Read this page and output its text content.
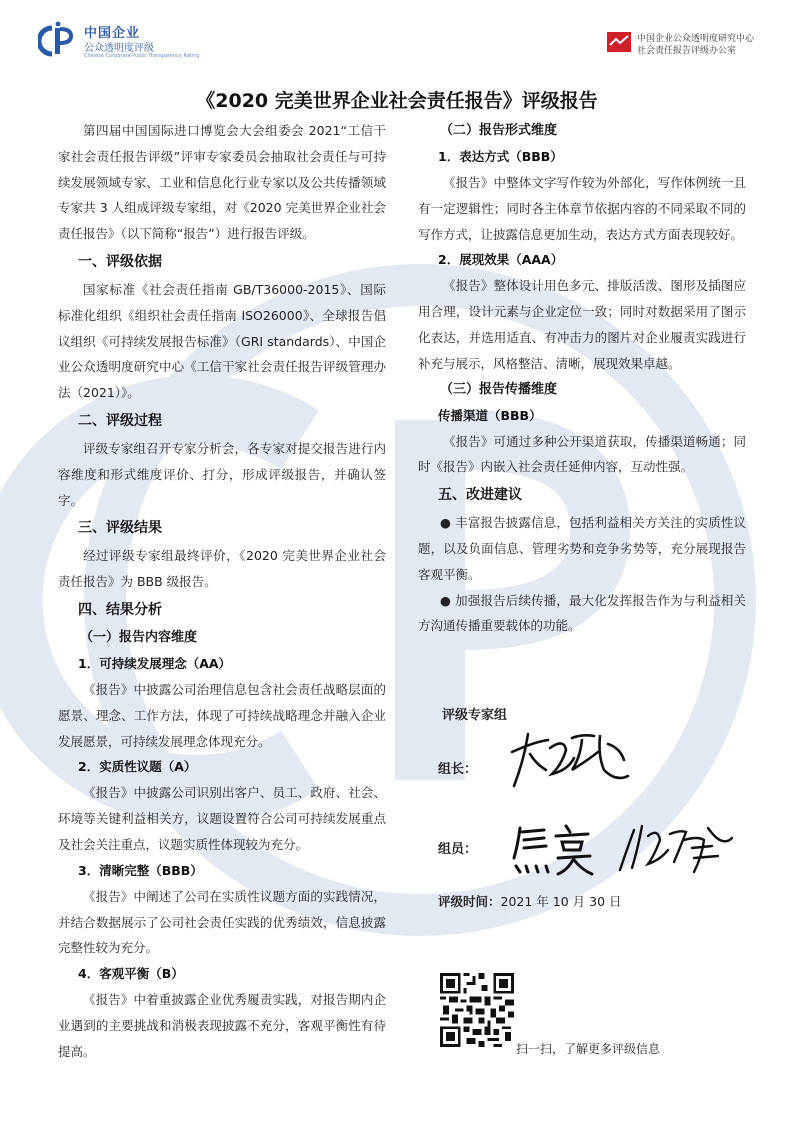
中国企业
公众透明度评级
Chinese Corporate Public Transparency Rating
中国企业公众透明度研究中心
社会责任报告评级办公室
《2020 完美世界企业社会责任报告》评级报告

第四届中国国际进口博览会大会组委会 2021“工信干家社会责任报告评级”评审专家委员会抽取社会责任与可持续发展领域专家、工业和信息化行业专家以及公共传播领域专家共 3 人组成评级专家组，对《2020 完美世界企业社会责任报告》（以下简称“报告”）进行报告评级。

一、评级依据

国家标准《社会责任指南 GB/T36000-2015》、国际标准化组织《组织社会责任指南 ISO26000》、全球报告倡议组织《可持续发展报告标准》（GRI standards）、中国企业公众透明度研究中心《工信干家社会责任报告评级管理办法（2021）》。

二、评级过程

评级专家组召开专家分析会，各专家对提交报告进行内容维度和形式维度评价、打分，形成评级报告，并确认签字。

三、评级结果

经过评级专家组最终评价，《2020 完美世界企业社会责任报告》为 BBB 级报告。

四、结果分析
（一）报告内容维度
1．可持续发展理念（AA）

《报告》中披露公司治理信息包含社会责任战略层面的愿景、理念、工作方法，体现了可持续战略理念并融入企业发展愿景，可持续发展理念体现充分。

2．实质性议题（A）

《报告》中披露公司识别出客户、员工、政府、社会、环境等关键利益相关方，议题设置符合公司可持续发展重点及社会关注重点，议题实质性体现较为充分。

3．清晰完整（BBB）

《报告》中阐述了公司在实质性议题方面的实践情况，并结合数据展示了公司社会责任实践的优秀绩效，信息披露完整性较为充分。

4．客观平衡（B）

《报告》中着重披露企业优秀履责实践，对报告期内企业遇到的主要挑战和消极表现披露不充分，客观平衡性有待提高。

（二）报告形式维度
1．表达方式（BBB）

《报告》中整体文字写作较为外部化，写作体例统一且有一定逻辑性；同时各主体章节依据内容的不同采取不同的写作方式，让披露信息更加生动，表达方式方面表现较好。

2．展现效果（AAA）

《报告》整体设计用色多元、排版活泼、图形及插图应用合理，设计元素与企业定位一致；同时对数据采用了图示化表达，并选用适直、有冲击力的图片对企业履责实践进行补充与展示，风格整洁、清晰，展现效果卓越。

（三）报告传播维度
传播渠道（BBB）

《报告》可通过多种公开渠道获取，传播渠道畅通；同时《报告》内嵌入社会责任延伸内容，互动性强。

五、改进建议

● 丰富报告披露信息，包括利益相关方关注的实质性议题，以及负面信息、管理劣势和竞争劣势等，充分展现报告客观平衡。

● 加强报告后续传播，最大化发挥报告作为与利益相关方沟通传播重要载体的功能。

评级专家组
组长：
组员：
评级时间：2021 年 10 月 30 日
扫一扫，了解更多评级信息
